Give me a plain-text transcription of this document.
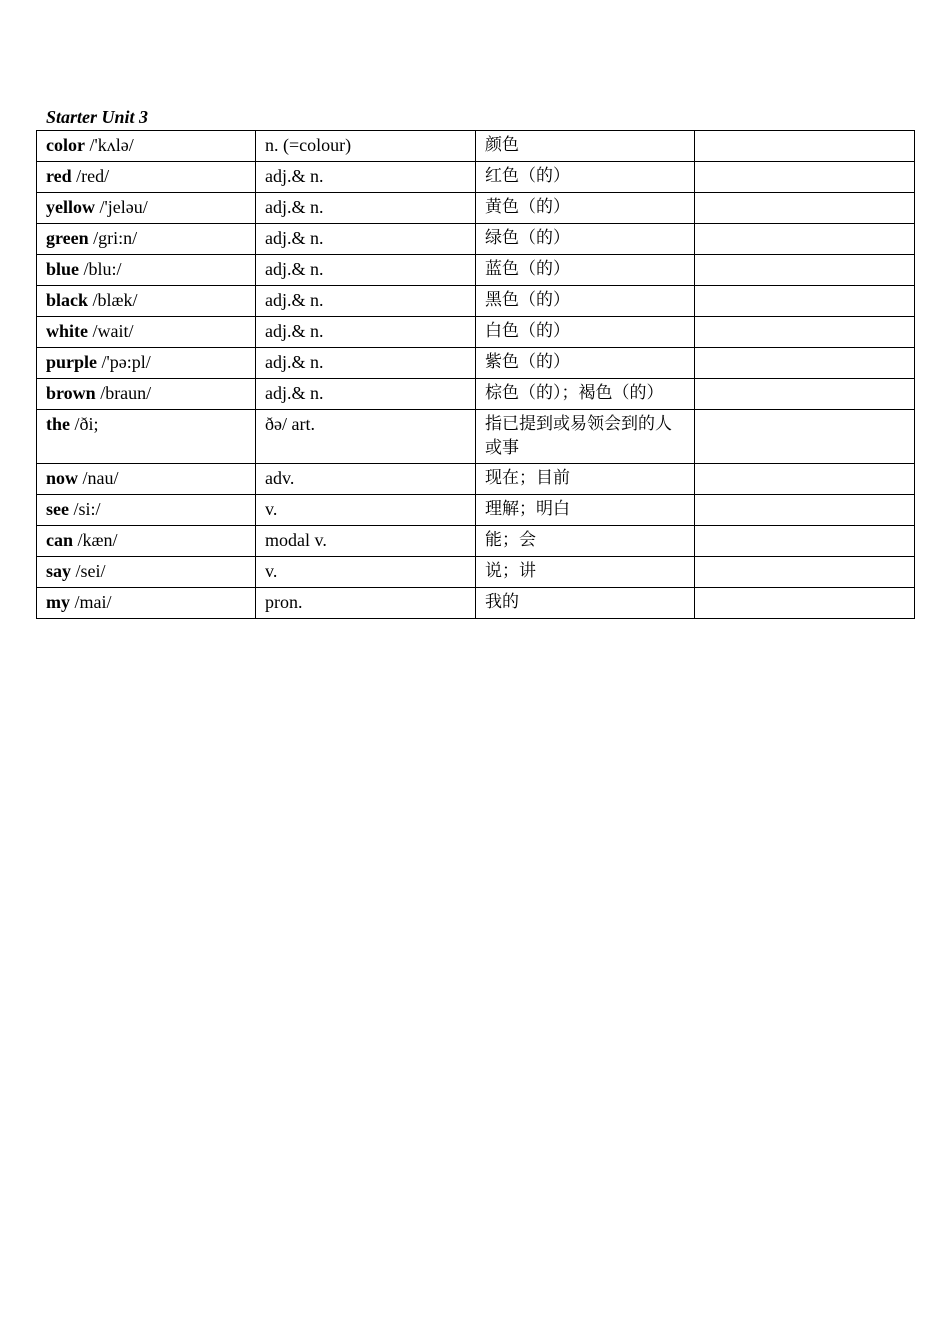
Starter Unit 3
color /'kʌlə/	n. (=colour)	颜色	
red /red/	adj.& n.	红色（的）	
yellow /'jeləu/	adj.& n.	黄色（的）	
green /gri:n/	adj.& n.	绿色（的）	
blue /blu:/	adj.& n.	蓝色（的）	
black /blæk/	adj.& n.	黑色（的）	
white /wait/	adj.& n.	白色（的）	
purple /'pə:pl/	adj.& n.	紫色（的）	
brown /braun/	adj.& n.	棕色（的）；褐色（的）	
the /ði;	ðə/ art.	指已提到或易领会到的人或事	
now /nau/	adv.	现在；目前	
see /si:/	v.	理解；明白	
can /kæn/	modal v.	能；会	
say /sei/	v.	说；讲	
my /mai/	pron.	我的	
